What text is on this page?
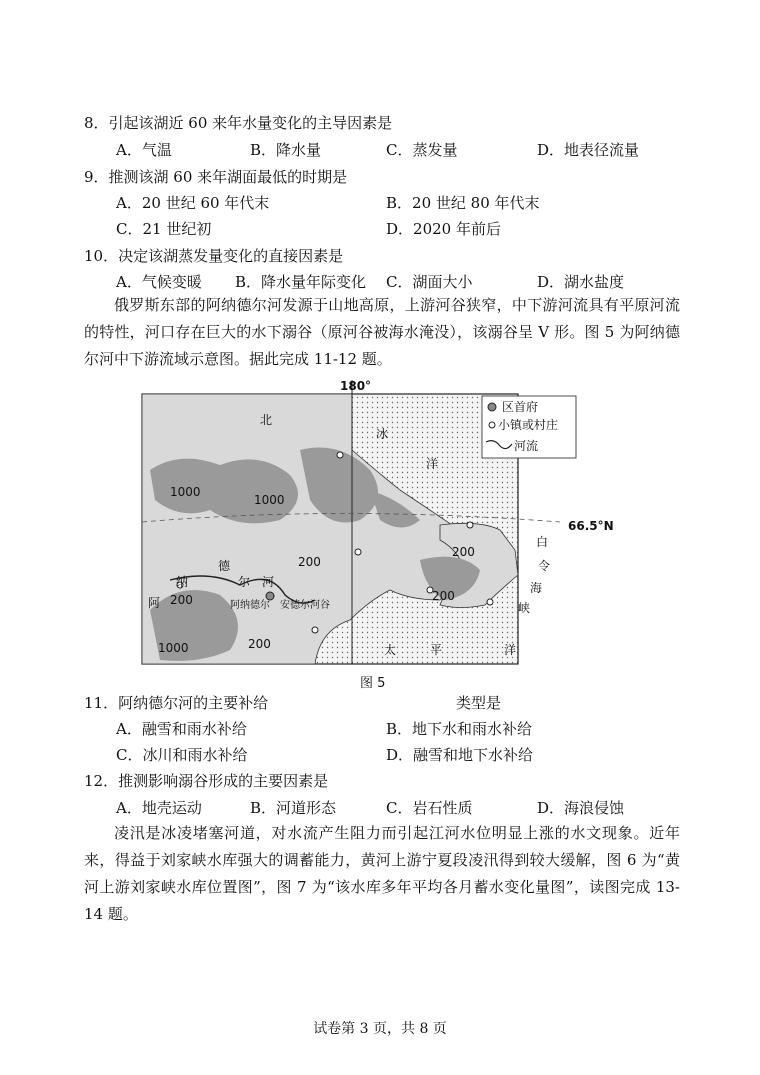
8．引起该湖近 60 来年水量变化的主导因素是
A．气温	B．降水量	C．蒸发量	D．地表径流量
9．推测该湖 60 来年湖面最低的时期是
A．20 世纪 60 年代末	B．20 世纪 80 年代末
C．21 世纪初	D．2020 年前后
10．决定该湖蒸发量变化的直接因素是
A．气候变暖 B．降水量年际变化 C．湖面大小	D．湖水盐度
俄罗斯东部的阿纳德尔河发源于山地高原，上游河谷狭窄，中下游河流具有平原河流的特性，河口存在巨大的水下溺谷（原河谷被海水淹没），该溺谷呈 V 形。图 5 为阿纳德尔河中下游流域示意图。据此完成 11-12 题。
区首府
小镇或村庄
河流
180°
66.5°N
北
冰
洋
白
令
海
峡
太	平	洋
纳
德
尔 河
阿	阿纳德尔 安德尔河谷
1000
1000
1000
200
200
200
200
200
图 5
11．阿纳德尔河的主要补给	类型是
A．融雪和雨水补给	B．地下水和雨水补给
C．冰川和雨水补给	D．融雪和地下水补给
12．推测影响溺谷形成的主要因素是
A．地壳运动	B．河道形态	C．岩石性质	D．海浪侵蚀
凌汛是冰凌堵塞河道，对水流产生阻力而引起江河水位明显上涨的水文现象。近年来，得益于刘家峡水库强大的调蓄能力，黄河上游宁夏段凌汛得到较大缓解，图 6 为“黄河上游刘家峡水库位置图”，图 7 为“该水库多年平均各月蓄水变化量图”，读图完成 13-14 题。
试卷第 3 页，共 8 页
